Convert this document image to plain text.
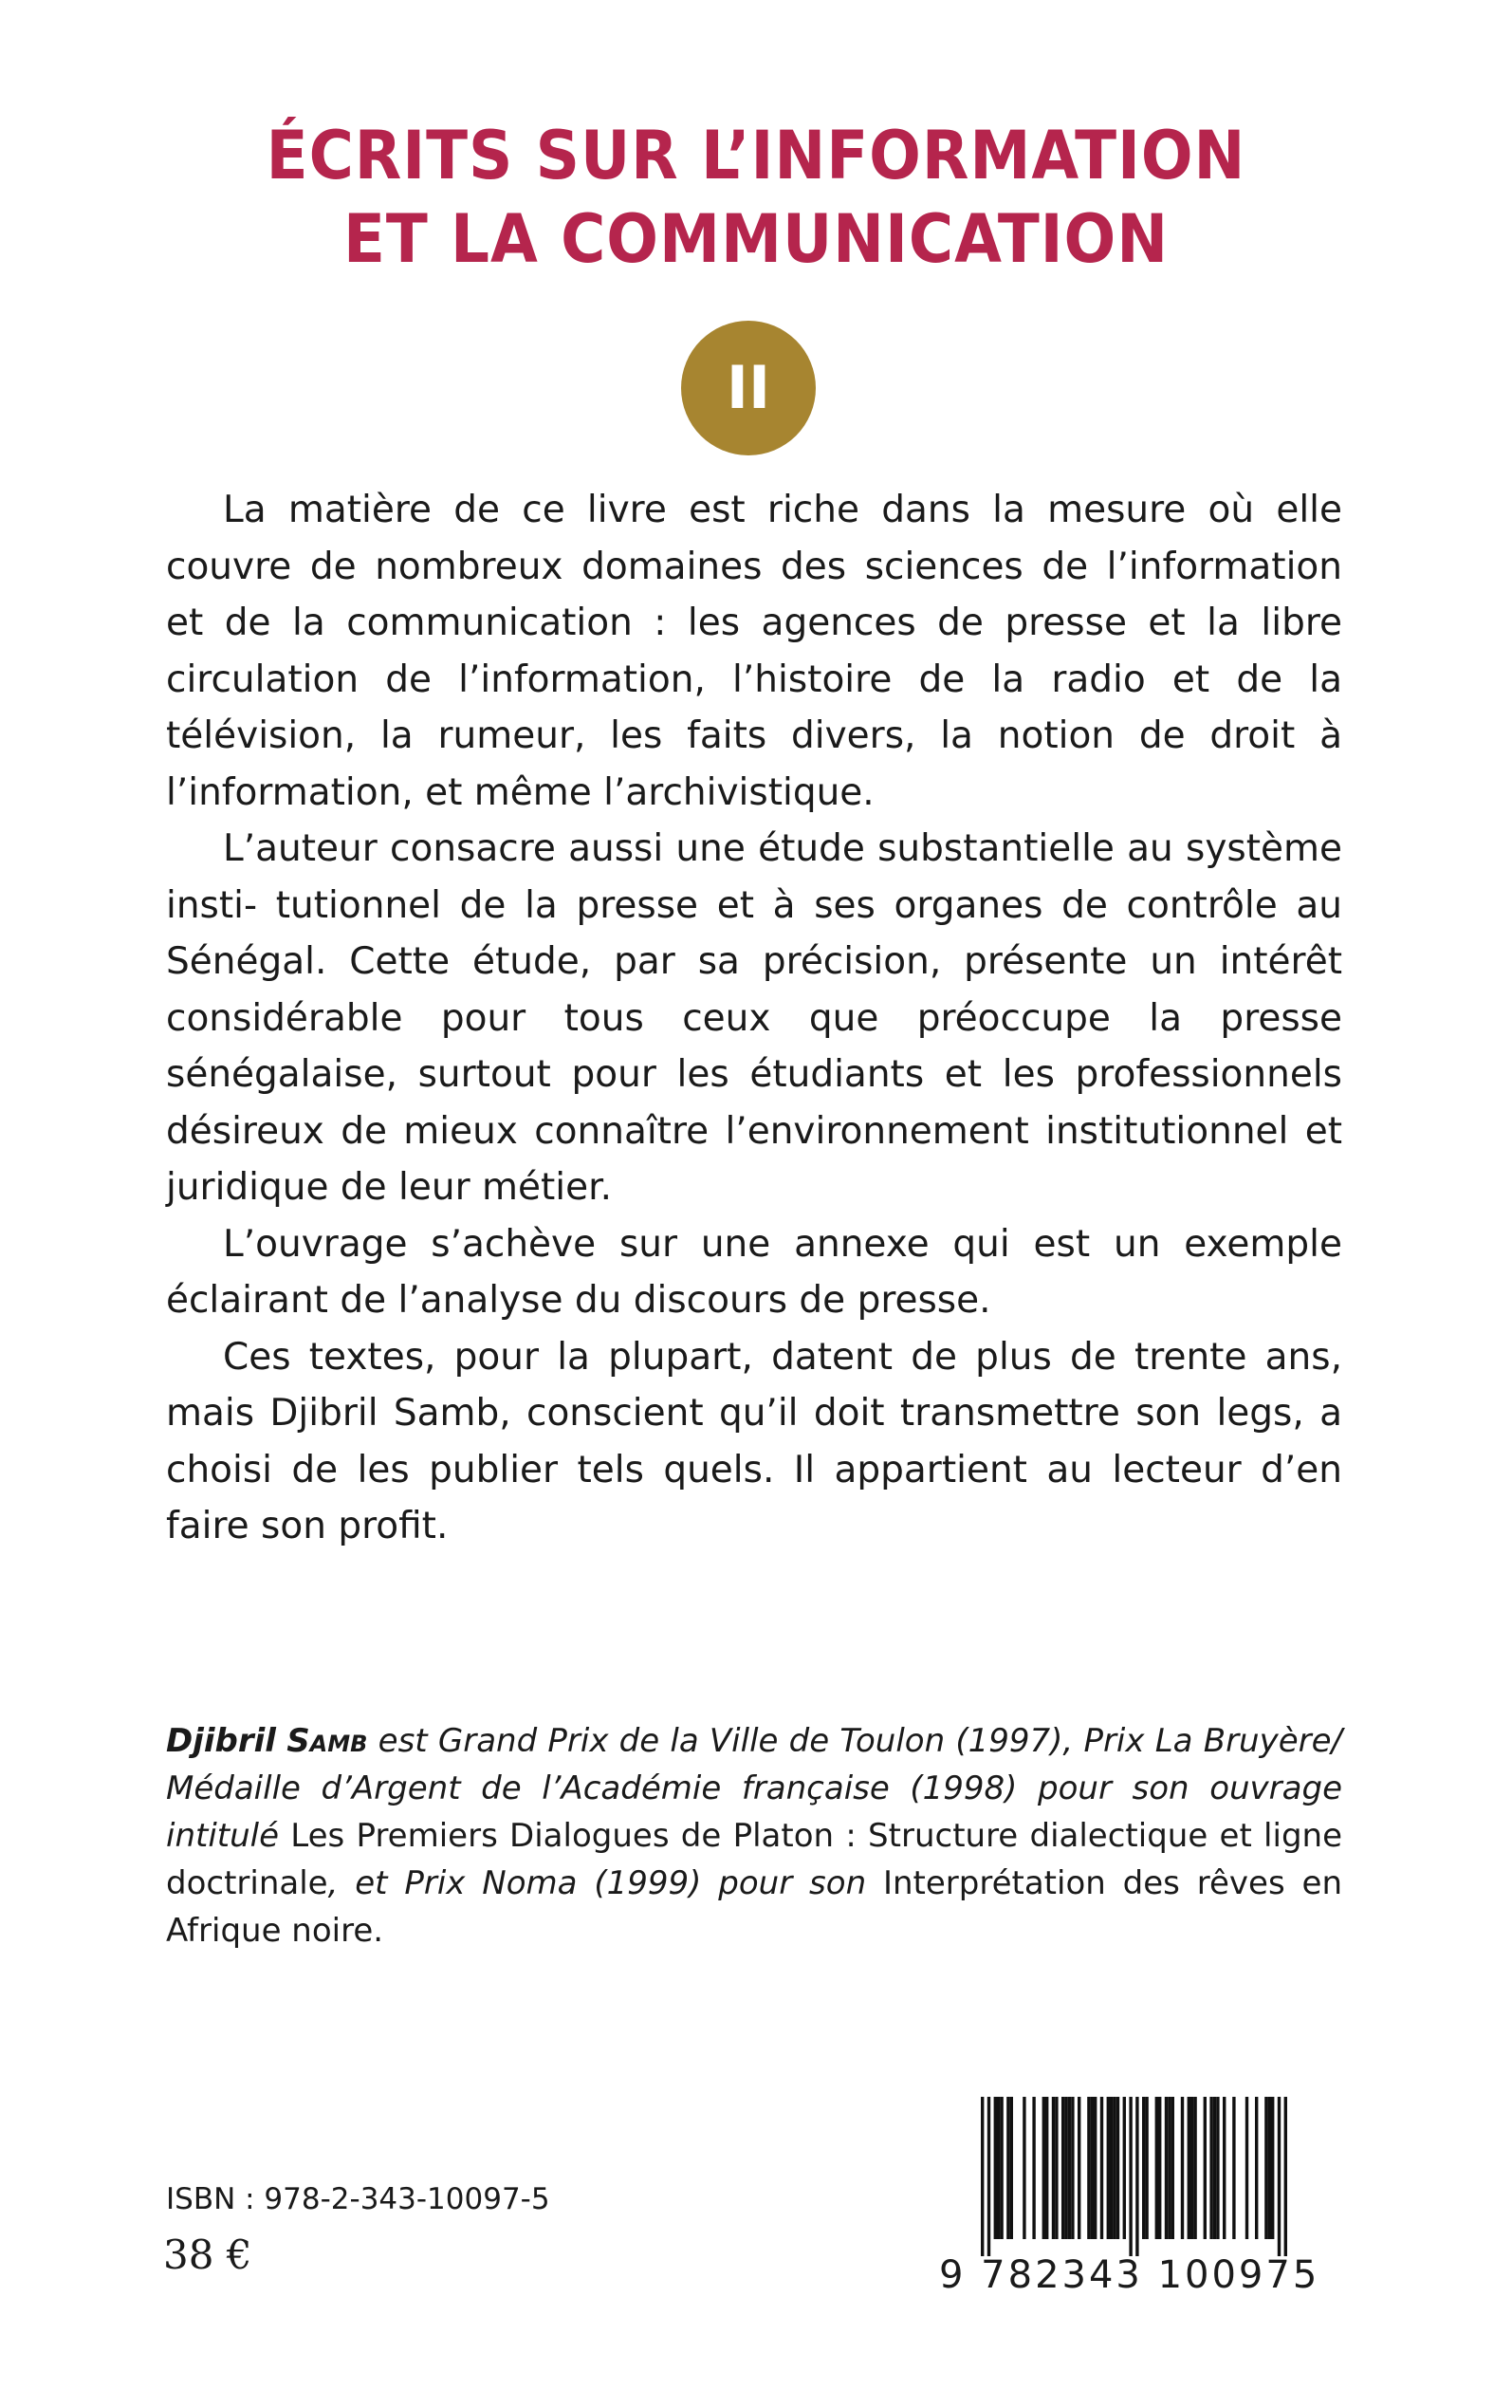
ÉCRITS SUR L’INFORMATION
ET LA COMMUNICATION
II

La matière de ce livre est riche dans la mesure où elle couvre de nombreux domaines des sciences de l’information et de la communication : les agences de presse et la libre circulation de l’information, l’histoire de la radio et de la télévision, la rumeur, les faits divers, la notion de droit à l’information, et même l’archivistique.

L’auteur consacre aussi une étude substantielle au système insti- tutionnel de la presse et à ses organes de contrôle au Sénégal. Cette étude, par sa précision, présente un intérêt considérable pour tous ceux que préoccupe la presse sénégalaise, surtout pour les étudiants et les professionnels désireux de mieux connaître l’environnement institutionnel et juridique de leur métier.

L’ouvrage s’achève sur une annexe qui est un exemple éclairant de l’analyse du discours de presse.

Ces textes, pour la plupart, datent de plus de trente ans, mais Djibril Samb, conscient qu’il doit transmettre son legs, a choisi de les publier tels quels. Il appartient au lecteur d’en faire son profit.

Djibril Samb est Grand Prix de la Ville de Toulon (1997), Prix La Bruyère/ Médaille d’Argent de l’Académie française (1998) pour son ouvrage intitulé Les Premiers Dialogues de Platon : Structure dialectique et ligne doctrinale, et Prix Noma (1999) pour son Interprétation des rêves en Afrique noire.

ISBN : 978-2-343-10097-5
38 €	9 782343 100975
